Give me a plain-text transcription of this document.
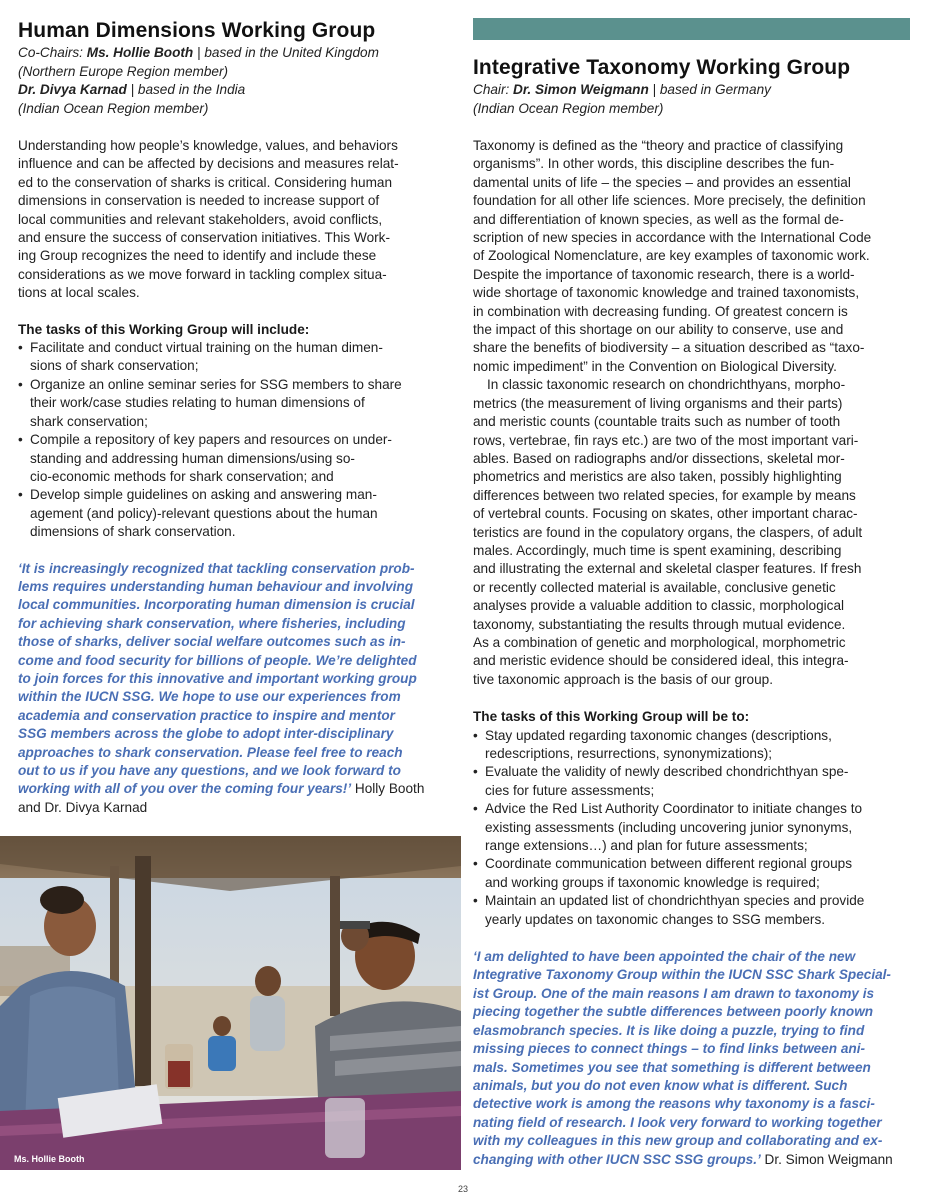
Human Dimensions Working Group
Co-Chairs: Ms. Hollie Booth | based in the United Kingdom
(Northern Europe Region member)
Dr. Divya Karnad | based in the India
(Indian Ocean Region member)

Understanding how people’s knowledge, values, and behaviors
influence and can be affected by decisions and measures relat-
ed to the conservation of sharks is critical. Considering human
dimensions in conservation is needed to increase support of
local communities and relevant stakeholders, avoid conflicts,
and ensure the success of conservation initiatives. This Work-
ing Group recognizes the need to identify and include these
considerations as we move forward in tackling complex situa-
tions at local scales.

The tasks of this Working Group will include:
• Facilitate and conduct virtual training on the human dimen-
sions of shark conservation;
• Organize an online seminar series for SSG members to share
their work/case studies relating to human dimensions of
shark conservation;
• Compile a repository of key papers and resources on under-
standing and addressing human dimensions/using so-
cio-economic methods for shark conservation; and
• Develop simple guidelines on asking and answering man-
agement (and policy)-relevant questions about the human
dimensions of shark conservation.
‘It is increasingly recognized that tackling conservation prob-
lems requires understanding human behaviour and involving
local communities. Incorporating human dimension is crucial
for achieving shark conservation, where fisheries, including
those of sharks, deliver social welfare outcomes such as in-
come and food security for billions of people. We’re delighted
to join forces for this innovative and important working group
within the IUCN SSG. We hope to use our experiences from
academia and conservation practice to inspire and mentor
SSG members across the globe to adopt inter-disciplinary
approaches to shark conservation. Please feel free to reach
out to us if you have any questions, and we look forward to
working with all of you over the coming four years!’ Holly Booth
and Dr. Divya Karnad
Ms. Hollie Booth
Integrative Taxonomy Working Group
Chair: Dr. Simon Weigmann | based in Germany
(Indian Ocean Region member)

Taxonomy is defined as the “theory and practice of classifying
organisms”. In other words, this discipline describes the fun-
damental units of life – the species – and provides an essential
foundation for all other life sciences. More precisely, the definition
and differentiation of known species, as well as the formal de-
scription of new species in accordance with the International Code
of Zoological Nomenclature, are key examples of taxonomic work.
Despite the importance of taxonomic research, there is a world-
wide shortage of taxonomic knowledge and trained taxonomists,
in combination with decreasing funding. Of greatest concern is
the impact of this shortage on our ability to conserve, use and
share the benefits of biodiversity – a situation described as “taxo-
nomic impediment” in the Convention on Biological Diversity.

In classic taxonomic research on chondrichthyans, morpho-
metrics (the measurement of living organisms and their parts)
and meristic counts (countable traits such as number of tooth
rows, vertebrae, fin rays etc.) are two of the most important vari-
ables. Based on radiographs and/or dissections, skeletal mor-
phometrics and meristics are also taken, possibly highlighting
differences between two related species, for example by means
of vertebral counts. Focusing on skates, other important charac-
teristics are found in the copulatory organs, the claspers, of adult
males. Accordingly, much time is spent examining, describing
and illustrating the external and skeletal clasper features. If fresh
or recently collected material is available, conclusive genetic
analyses provide a valuable addition to classic, morphological
taxonomy, substantiating the results through mutual evidence.
As a combination of genetic and morphological, morphometric
and meristic evidence should be considered ideal, this integra-
tive taxonomic approach is the basis of our group.

The tasks of this Working Group will be to:
• Stay updated regarding taxonomic changes (descriptions,
redescriptions, resurrections, synonymizations);
• Evaluate the validity of newly described chondrichthyan spe-
cies for future assessments;
• Advice the Red List Authority Coordinator to initiate changes to
existing assessments (including uncovering junior synonyms,
range extensions…) and plan for future assessments;
• Coordinate communication between different regional groups
and working groups if taxonomic knowledge is required;
• Maintain an updated list of chondrichthyan species and provide
yearly updates on taxonomic changes to SSG members.
‘I am delighted to have been appointed the chair of the new
Integrative Taxonomy Group within the IUCN SSC Shark Special-
ist Group. One of the main reasons I am drawn to taxonomy is
piecing together the subtle differences between poorly known
elasmobranch species. It is like doing a puzzle, trying to find
missing pieces to connect things – to find links between ani-
mals. Sometimes you see that something is different between
animals, but you do not even know what is different. Such
detective work is among the reasons why taxonomy is a fasci-
nating field of research. I look very forward to working together
with my colleagues in this new group and collaborating and ex-
changing with other IUCN SSC SSG groups.’ Dr. Simon Weigmann
23
